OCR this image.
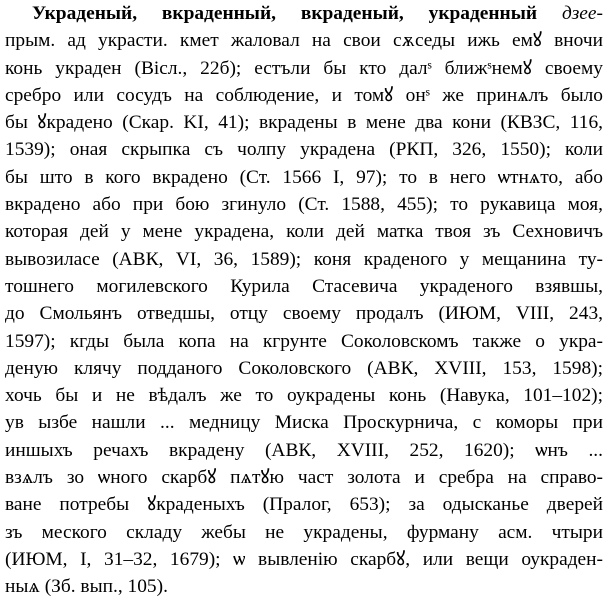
Украденый, вкраденный, вкраденый, украденный дзее-
прым. ад украсти. кмет жаловал на свои сѫседы ижь емꙋ вночи
конь украден (Вісл., 22б); естъли бы кто далˢ ближˢнемꙋ своему
сребро или сосудъ на соблюдение, и томꙋ онˢ же принѧлъ было
бы ꙋкрадено (Скар. KI, 41); вкрадены в мене два кони (КВЗС, 116,
1539); оная скрыпка съ чолпу украдена (РКП, 326, 1550); коли
бы што в кого вкрадено (Ст. 1566 I, 97); то в него ѡтнѧто, або
вкрадено або при бою згинуло (Ст. 1588, 455); то рукавица моя,
которая дей у мене украдена, коли дей матка твоя зъ Сехновичъ
вывозиласе (АВК, VI, 36, 1589); коня краденого у мещанина ту-
тошнего могилевского Курила Стасевича украденого взявшы,
до Смольянъ отведшы, отцу своему продалъ (ИЮМ, VIII, 243,
1597); кгды была копа на кгрунте Соколовскомъ также о укра-
деную клячу подданого Соколовского (АВК, XVIII, 153, 1598);
хочь бы и не вѣдалъ же то оукрадены конь (Навука, 101–102);
ув ызбе нашли ... медницу Миска Проскурнича, с коморы при
иншыхъ речахъ вкрадену (АВК, XVIII, 252, 1620); ѡнъ ...
взѧлъ зо ѡного скарбꙋ пѧтꙋю част золота и сребра на справо-
ване потребы ꙋкраденыхъ (Пралог, 653); за одысканье дверей
зъ меского складу жебы не украдены, фурману асм. чтыри
(ИЮМ, I, 31–32, 1679); ѡ вывленію скарбꙋ, или вещи оукраден-
ныѧ (Зб. вып., 105).
